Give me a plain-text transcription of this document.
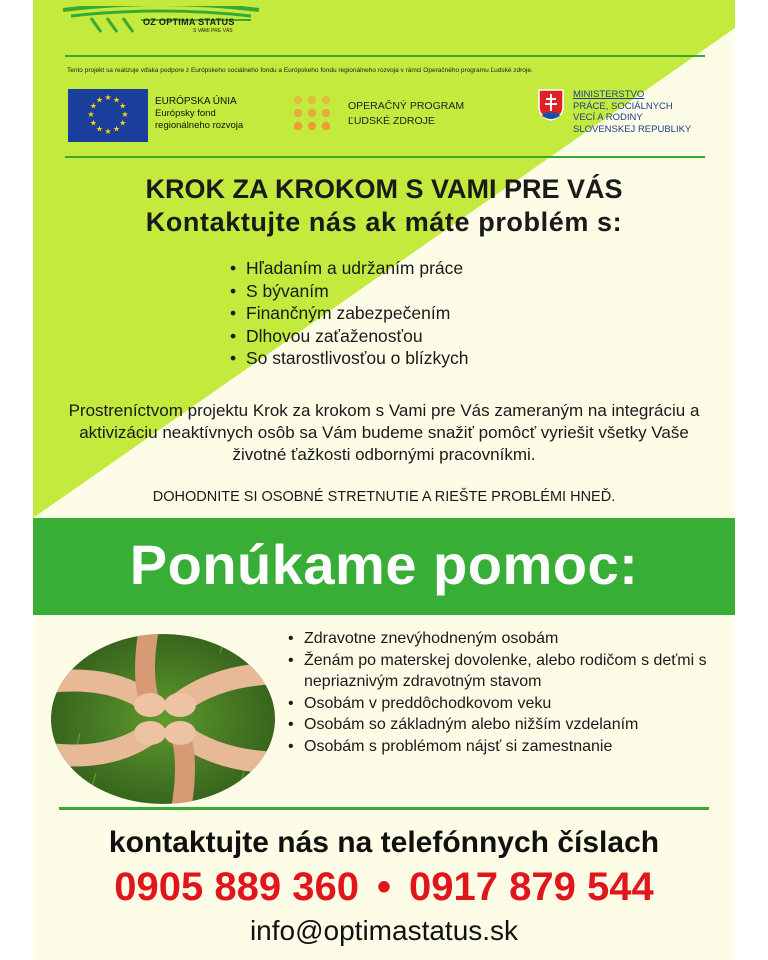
OZ OPTIMA STATUS
S VAMI PRE VÁS
Tento projekt sa realizuje vďaka podpore z Európskeho sociálneho fondu a Európskeho fondu regionálneho rozvoja v rámci Operačného programu Ľudské zdroje.
★ ★
★
★
★
★
★
★
★
★
★
★	EURÓPSKA ÚNIA
Európsky fond
regionálneho rozvoja
OPERAČNÝ PROGRAM
ĽUDSKÉ ZDROJE
MINISTERSTVO
PRÁCE, SOCIÁLNYCH
VECÍ A RODINY
SLOVENSKEJ REPUBLIKY
KROK ZA KROKOM S VAMI PRE VÁS
Kontaktujte nás ak máte problém s:
• Hľadaním a udržaním práce
• S bývaním
• Finančným zabezpečením
• Dlhovou zaťaženosťou
• So starostlivosťou o blízkych
Prostreníctvom projektu Krok za krokom s Vami pre Vás zameraným na integráciu a aktivizáciu neaktívnych osôb sa Vám budeme snažiť pomôcť vyriešit všetky Vaše životné ťažkosti odbornými pracovníkmi.
DOHODNITE SI OSOBNÉ STRETNUTIE A RIEŠTE PROBLÉMI HNEĎ.
Ponúkame pomoc:
• Zdravotne znevýhodneným osobám
• Ženám po materskej dovolenke, alebo rodičom s deťmi s nepriaznivým zdravotným stavom
• Osobám v preddôchodkovom veku
• Osobám so základným alebo nižším vzdelaním
• Osobám s problémom nájsť si zamestnanie
kontaktujte nás na telefónnych číslach
0905 889 360 • 0917 879 544
info@optimastatus.sk
